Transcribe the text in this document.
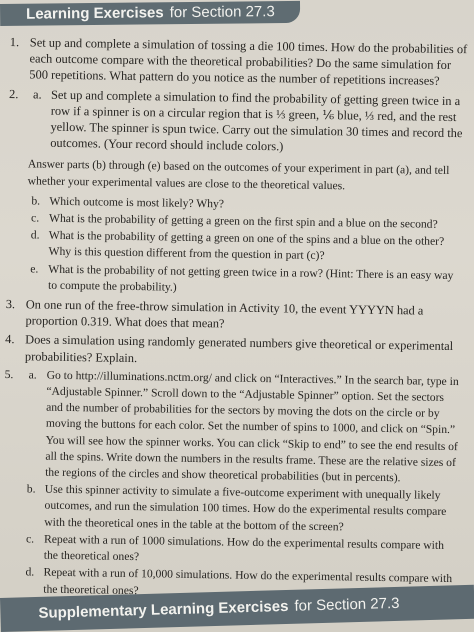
Learning Exercises for Section 27.3
1. Set up and complete a simulation of tossing a die 100 times. How do the probabilities of each outcome compare with the theoretical probabilities? Do the same simulation for 500 repetitions. What pattern do you notice as the number of repetitions increases?
2. a. Set up and complete a simulation to find the probability of getting green twice in a row if a spinner is on a circular region that is ⅓ green, ⅙ blue, ⅓ red, and the rest yellow. The spinner is spun twice. Carry out the simulation 30 times and record the outcomes. (Your record should include colors.)
Answer parts (b) through (e) based on the outcomes of your experiment in part (a), and tell whether your experimental values are close to the theoretical values.
b. Which outcome is most likely? Why?
c. What is the probability of getting a green on the first spin and a blue on the second?
d. What is the probability of getting a green on one of the spins and a blue on the other? Why is this question different from the question in part (c)?
e. What is the probability of not getting green twice in a row? (Hint: There is an easy way to compute the probability.)
3. On one run of the free-throw simulation in Activity 10, the event YYYYN had a proportion 0.319. What does that mean?
4. Does a simulation using randomly generated numbers give theoretical or experimental probabilities? Explain.
5. a. Go to http://illuminations.nctm.org/ and click on “Interactives.” In the search bar, type in “Adjustable Spinner.” Scroll down to the “Adjustable Spinner” option. Set the sectors and the number of probabilities for the sectors by moving the dots on the circle or by moving the buttons for each color. Set the number of spins to 1000, and click on “Spin.” You will see how the spinner works. You can click “Skip to end” to see the end results of all the spins. Write down the numbers in the results frame. These are the relative sizes of the regions of the circles and show theoretical probabilities (but in percents).
b. Use this spinner activity to simulate a five-outcome experiment with unequally likely outcomes, and run the simulation 100 times. How do the experimental results compare with the theoretical ones in the table at the bottom of the screen?
c. Repeat with a run of 1000 simulations. How do the experimental results compare with the theoretical ones?
d. Repeat with a run of 10,000 simulations. How do the experimental results compare with the theoretical ones?
Supplementary Learning Exercises for Section 27.3
